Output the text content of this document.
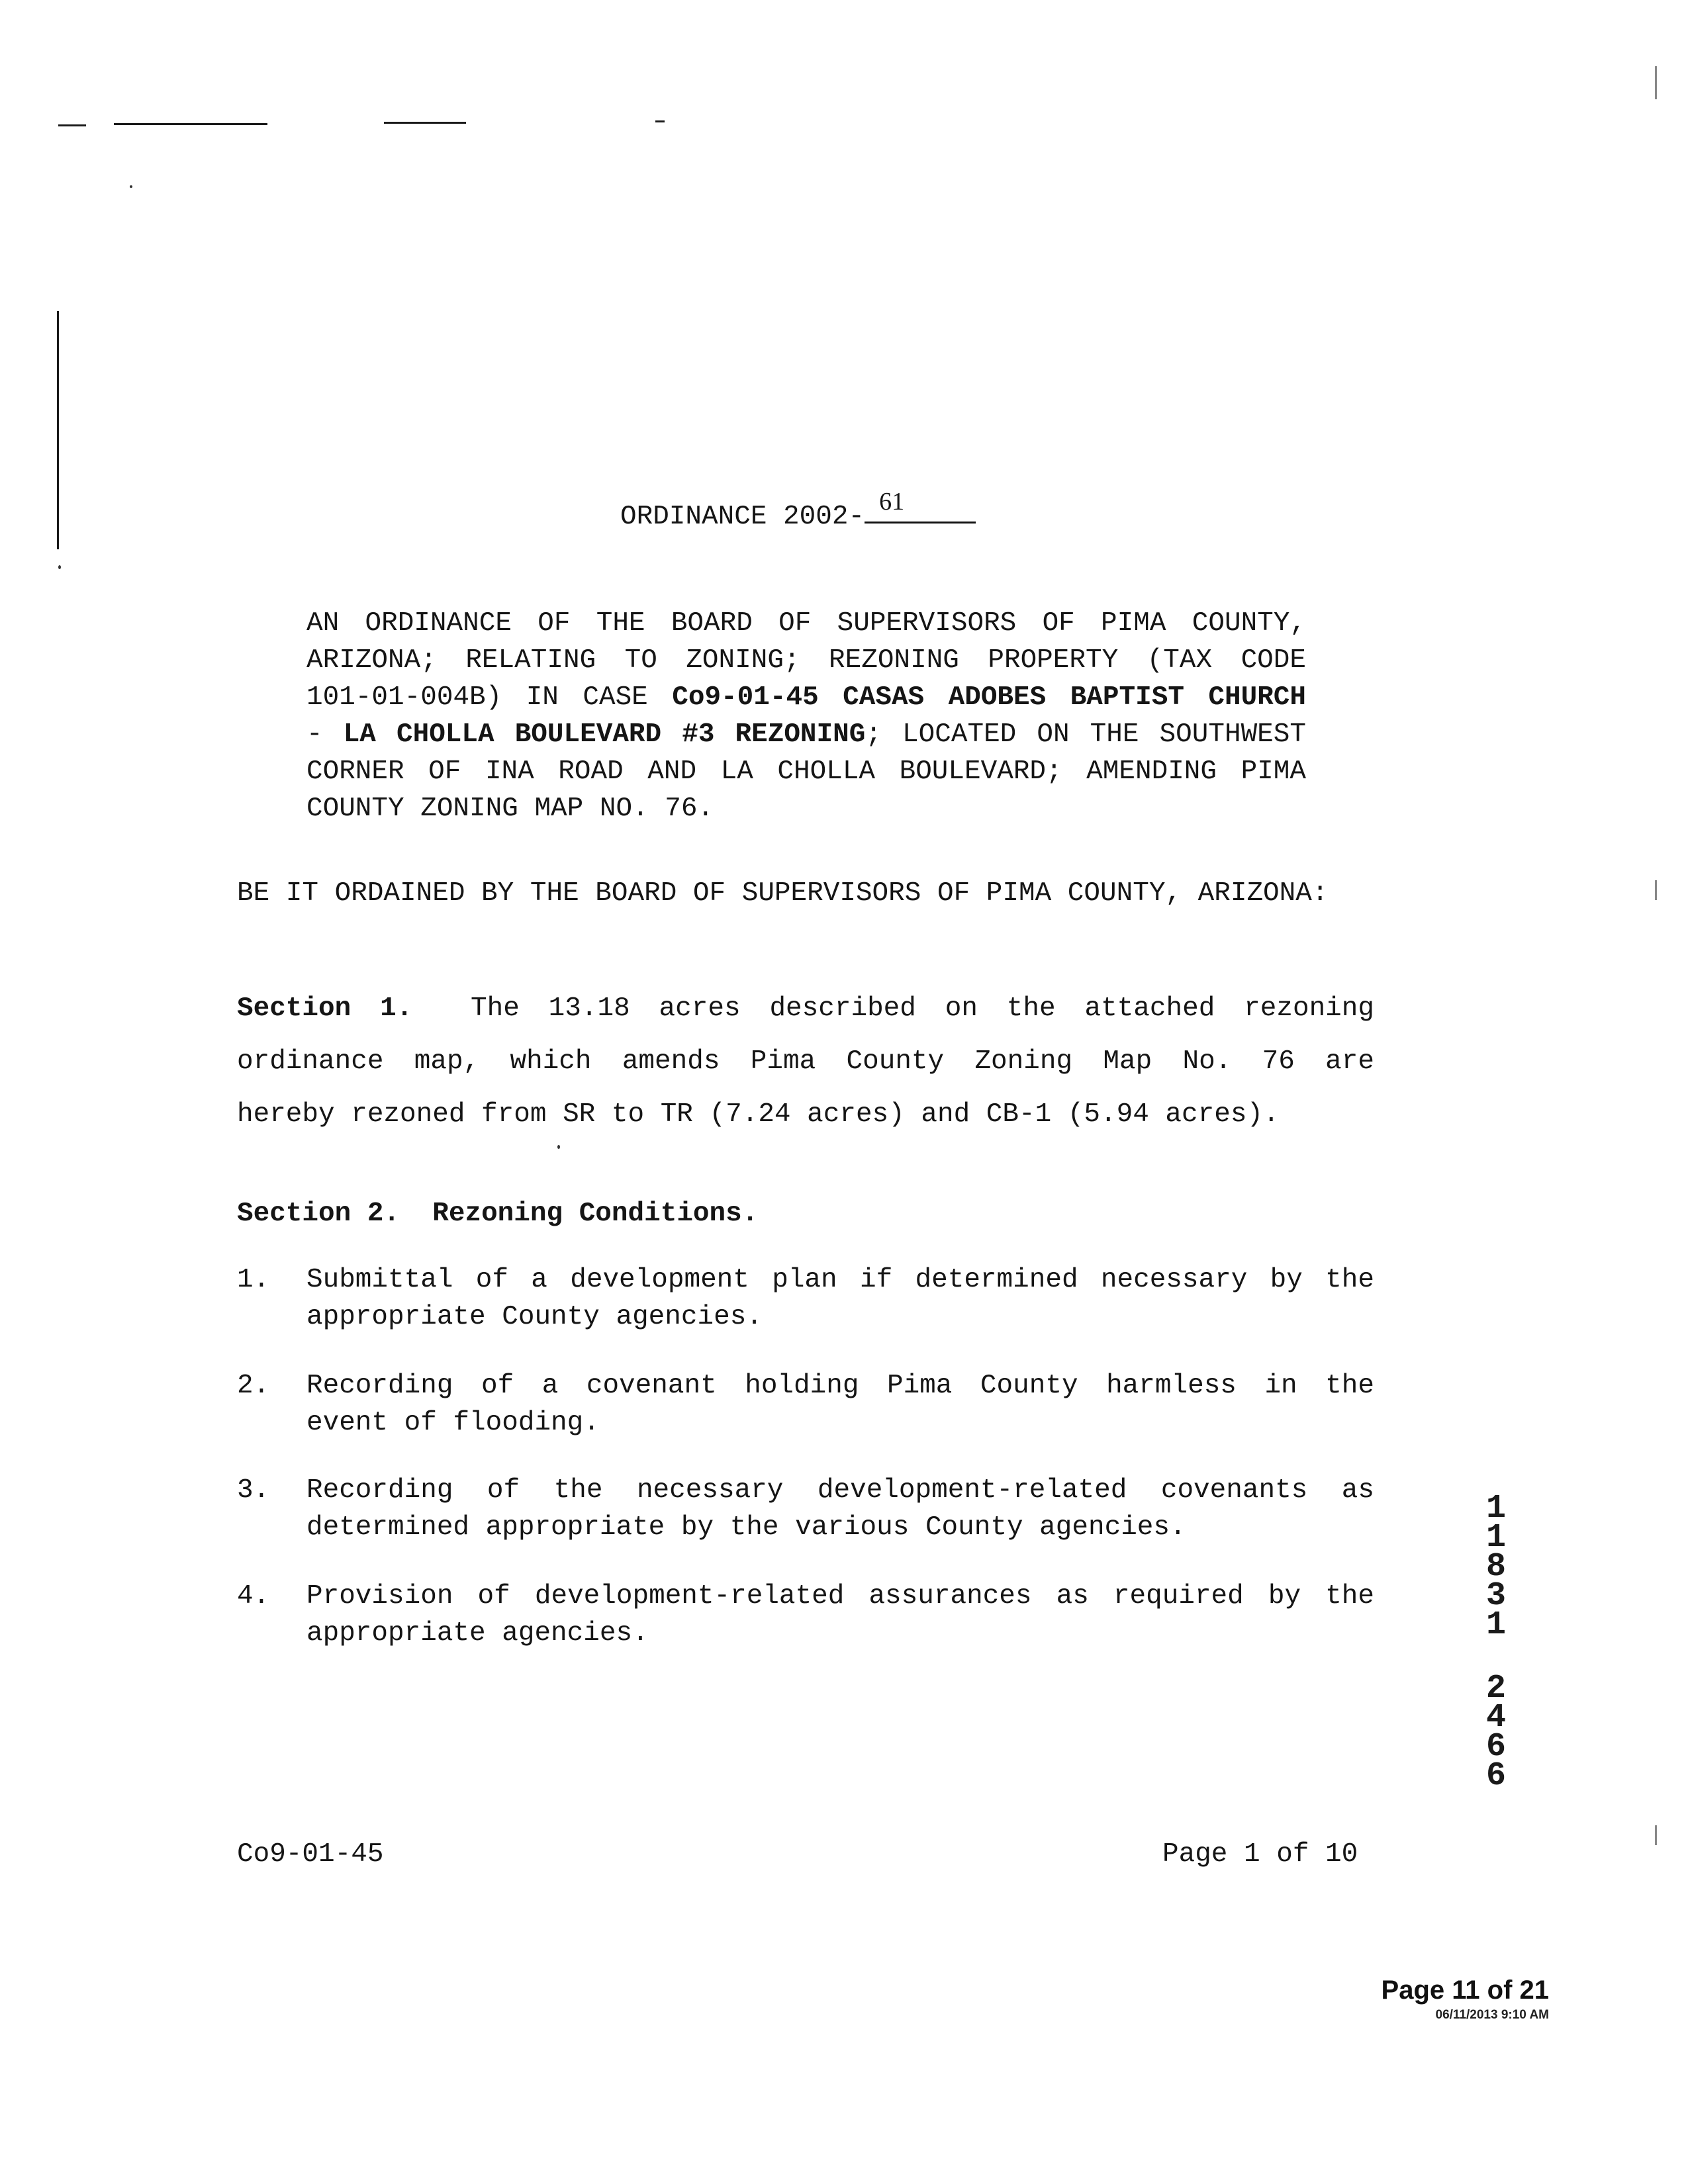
ORDINANCE 2002- 61
AN ORDINANCE OF THE BOARD OF SUPERVISORS OF PIMA COUNTY,
ARIZONA; RELATING TO ZONING; REZONING PROPERTY (TAX CODE
101-01-004B) IN CASE Co9-01-45 CASAS ADOBES BAPTIST CHURCH
- LA CHOLLA BOULEVARD #3 REZONING; LOCATED ON THE SOUTHWEST
CORNER OF INA ROAD AND LA CHOLLA BOULEVARD; AMENDING PIMA
COUNTY ZONING MAP NO. 76.
BE IT ORDAINED BY THE BOARD OF SUPERVISORS OF PIMA COUNTY, ARIZONA:
Section 1. The 13.18 acres described on the attached rezoning
ordinance map, which amends Pima County Zoning Map No. 76 are
hereby rezoned from SR to TR (7.24 acres) and CB-1 (5.94 acres).
Section 2. Rezoning Conditions.
1. Submittal of a development plan if determined necessary by the
appropriate County agencies.
2. Recording of a covenant holding Pima County harmless in the
event of flooding.
3. Recording of the necessary development-related covenants as
determined appropriate by the various County agencies.
4. Provision of development-related assurances as required by the
appropriate agencies.
1
1
8
3
1
2
4
6
6
Co9-01-45	Page 1 of 10
Page 11 of 21
06/11/2013 9:10 AM
